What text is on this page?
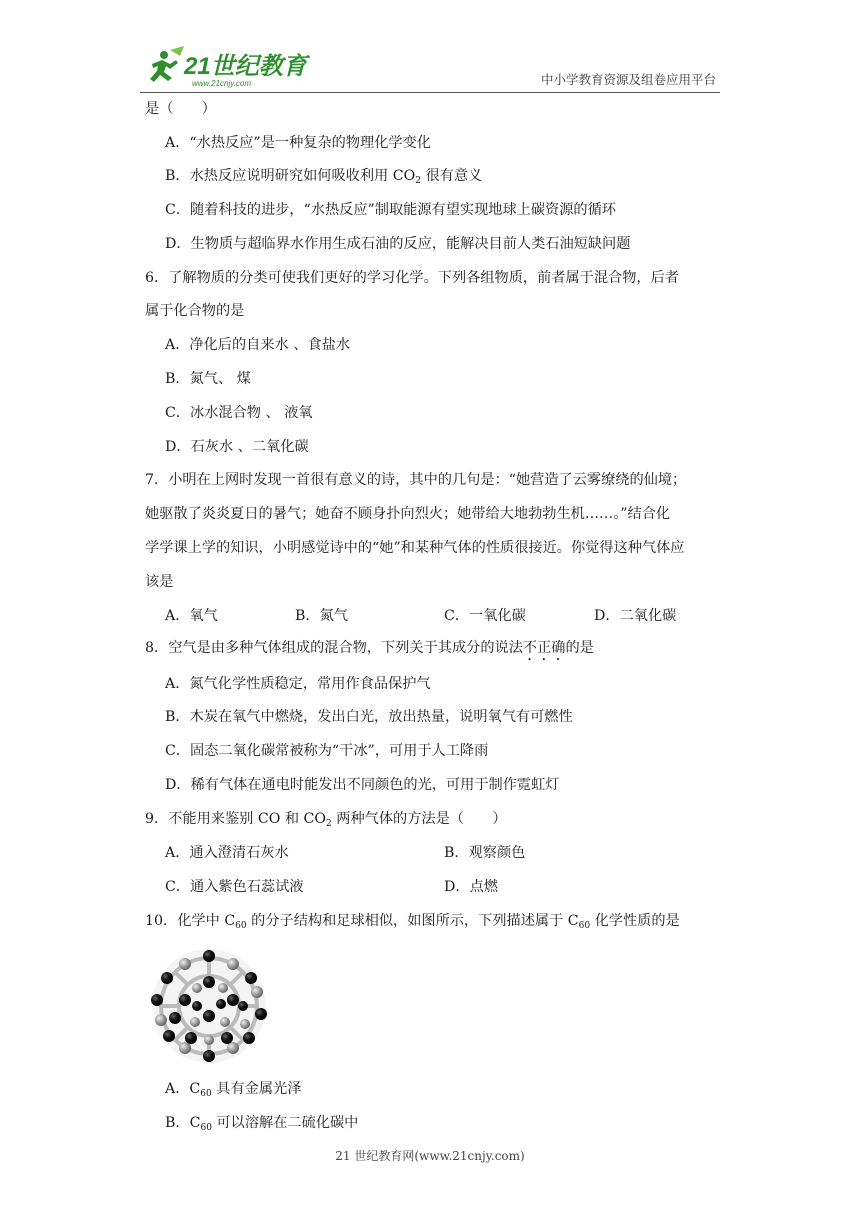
21世纪教育
www.21cnjy.com	中小学教育资源及组卷应用平台
是（　　）
A．“水热反应”是一种复杂的物理化学变化
B．水热反应说明研究如何吸收利用 $CO_2$ 很有意义
C．随着科技的进步，“水热反应”制取能源有望实现地球上碳资源的循环
D．生物质与超临界水作用生成石油的反应，能解决目前人类石油短缺问题
6．了解物质的分类可使我们更好的学习化学。下列各组物质，前者属于混合物，后者
属于化合物的是
A．净化后的自来水 、食盐水
B．氮气、 煤
C．冰水混合物 、 液氧
D．石灰水 、二氧化碳
7．小明在上网时发现一首很有意义的诗，其中的几句是：“她营造了云雾缭绕的仙境；
她驱散了炎炎夏日的暑气；她奋不顾身扑向烈火；她带给大地勃勃生机……。”结合化
学学课上学的知识，小明感觉诗中的“她”和某种气体的性质很接近。你觉得这种气体应
该是
A．氧气	B．氮气	C．一氧化碳	D．二氧化碳
8．空气是由多种气体组成的混合物，下列关于其成分的说法不正确的是
A．氮气化学性质稳定，常用作食品保护气
B．木炭在氧气中燃烧，发出白光，放出热量，说明氧气有可燃性
C．固态二氧化碳常被称为“干冰”，可用于人工降雨
D．稀有气体在通电时能发出不同颜色的光，可用于制作霓虹灯
9．不能用来鉴别 CO 和 $CO_2$ 两种气体的方法是（　　）
A．通入澄清石灰水	B．观察颜色
C．通入紫色石蕊试液	D．点燃
10．化学中 $C_{60}$ 的分子结构和足球相似，如图所示，下列描述属于 $C_{60}$ 化学性质的是
A．$C_{60}$ 具有金属光泽
B．$C_{60}$ 可以溶解在二硫化碳中
21 世纪教育网(www.21cnjy.com)
